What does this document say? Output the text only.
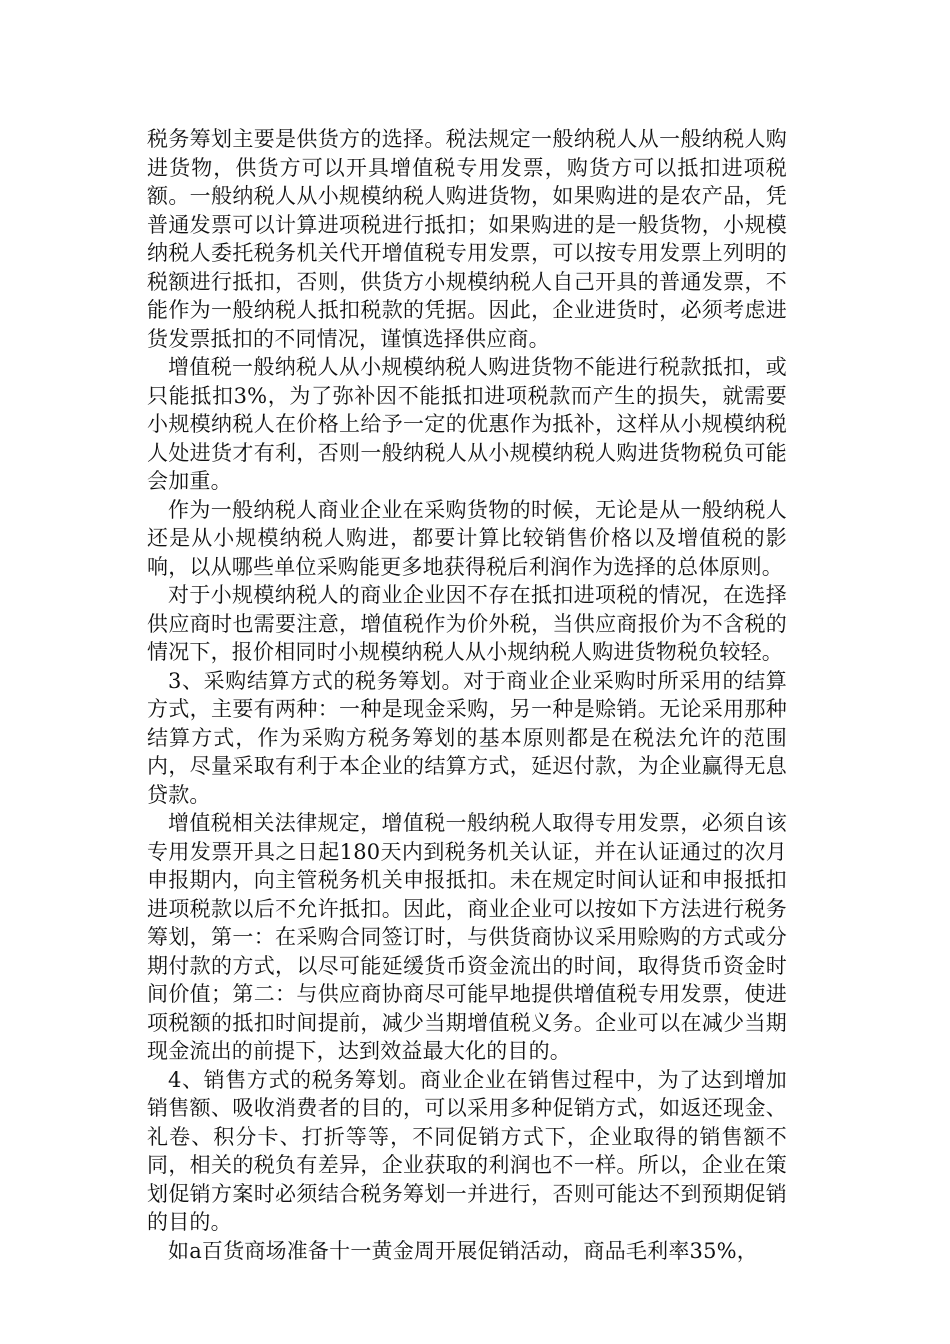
税务筹划主要是供货方的选择。税法规定一般纳税人从一般纳税人购进货物，供货方可以开具增值税专用发票，购货方可以抵扣进项税额。一般纳税人从小规模纳税人购进货物，如果购进的是农产品，凭普通发票可以计算进项税进行抵扣；如果购进的是一般货物，小规模纳税人委托税务机关代开增值税专用发票，可以按专用发票上列明的税额进行抵扣，否则，供货方小规模纳税人自己开具的普通发票，不能作为一般纳税人抵扣税款的凭据。因此，企业进货时，必须考虑进货发票抵扣的不同情况，谨慎选择供应商。

增值税一般纳税人从小规模纳税人购进货物不能进行税款抵扣，或只能抵扣3%，为了弥补因不能抵扣进项税款而产生的损失，就需要小规模纳税人在价格上给予一定的优惠作为抵补，这样从小规模纳税人处进货才有利，否则一般纳税人从小规模纳税人购进货物税负可能会加重。

作为一般纳税人商业企业在采购货物的时候，无论是从一般纳税人还是从小规模纳税人购进，都要计算比较销售价格以及增值税的影响，以从哪些单位采购能更多地获得税后利润作为选择的总体原则。

对于小规模纳税人的商业企业因不存在抵扣进项税的情况，在选择供应商时也需要注意，增值税作为价外税，当供应商报价为不含税的情况下，报价相同时小规模纳税人从小规纳税人购进货物税负较轻。

3、采购结算方式的税务筹划。对于商业企业采购时所采用的结算方式，主要有两种：一种是现金采购，另一种是赊销。无论采用那种结算方式，作为采购方税务筹划的基本原则都是在税法允许的范围内，尽量采取有利于本企业的结算方式，延迟付款，为企业赢得无息贷款。

增值税相关法律规定，增值税一般纳税人取得专用发票，必须自该专用发票开具之日起180天内到税务机关认证，并在认证通过的次月申报期内，向主管税务机关申报抵扣。未在规定时间认证和申报抵扣进项税款以后不允许抵扣。因此，商业企业可以按如下方法进行税务筹划，第一：在采购合同签订时，与供货商协议采用赊购的方式或分期付款的方式，以尽可能延缓货币资金流出的时间，取得货币资金时间价值；第二：与供应商协商尽可能早地提供增值税专用发票，使进项税额的抵扣时间提前，减少当期增值税义务。企业可以在减少当期现金流出的前提下，达到效益最大化的目的。

4、销售方式的税务筹划。商业企业在销售过程中，为了达到增加销售额、吸收消费者的目的，可以采用多种促销方式，如返还现金、礼卷、积分卡、打折等等，不同促销方式下，企业取得的销售额不同，相关的税负有差异，企业获取的利润也不一样。所以，企业在策划促销方案时必须结合税务筹划一并进行，否则可能达不到预期促销的目的。

如a百货商场准备十一黄金周开展促销活动，商品毛利率35%，
